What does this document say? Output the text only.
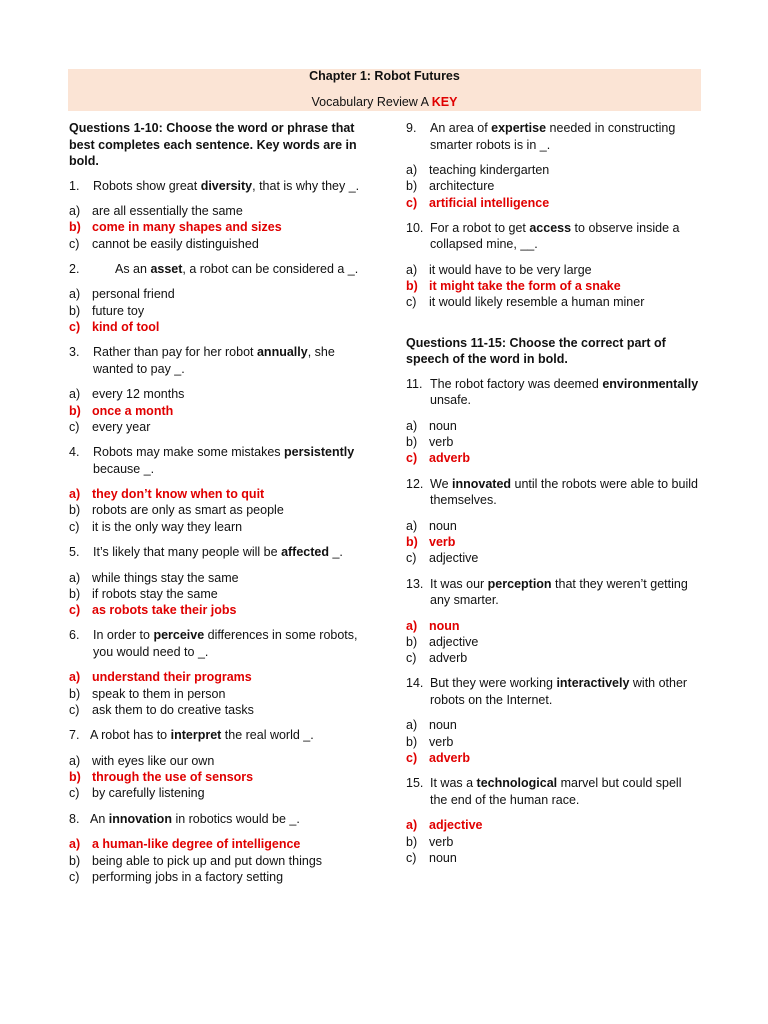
Chapter 1: Robot Futures
Vocabulary Review A KEY
Questions 1-10: Choose the word or phrase that best completes each sentence. Key words are in bold.
1.	Robots show great diversity, that is why they _.
a) are all essentially the same
b) come in many shapes and sizes
c)	cannot be easily distinguished
2.	As an asset, a robot can be considered a _.
a) personal friend
b) future toy
c) kind of tool
3.	Rather than pay for her robot annually, she wanted to pay _.
a) every 12 months
b) once a month
c)	every year
4.	Robots may make some mistakes persistently because _.
a) they don’t know when to quit
b) robots are only as smart as people
c)	it is the only way they learn
5.	It’s likely that many people will be affected _.
a) while things stay the same
b) if robots stay the same
c) as robots take their jobs
6.	In order to perceive differences in some robots, you would need to _.
a) understand their programs
b) speak to them in person
c)	ask them to do creative tasks
7. A robot has to interpret the real world _.
a) with eyes like our own
b) through the use of sensors
c)	by carefully listening
8. An innovation in robotics would be _.
a) a human-like degree of intelligence
b) being able to pick up and put down things
c)	performing jobs in a factory setting
9.	An area of expertise needed in constructing smarter robots is in _.
a) teaching kindergarten
b) architecture
c) artificial intelligence
10. For a robot to get access to observe inside a collapsed mine, __.
a) it would have to be very large
b) it might take the form of a snake
c)	it would likely resemble a human miner
Questions 11-15: Choose the correct part of speech of the word in bold.
11. The robot factory was deemed environmentally unsafe.
a) noun
b) verb
c) adverb
12. We innovated until the robots were able to build themselves.
a) noun
b) verb
c)	adjective
13. It was our perception that they weren’t getting any smarter.
a) noun
b) adjective
c)	adverb
14. But they were working interactively with other robots on the Internet.
a) noun
b) verb
c) adverb
15. It was a technological marvel but could spell the end of the human race.
a) adjective
b) verb
c)	noun
